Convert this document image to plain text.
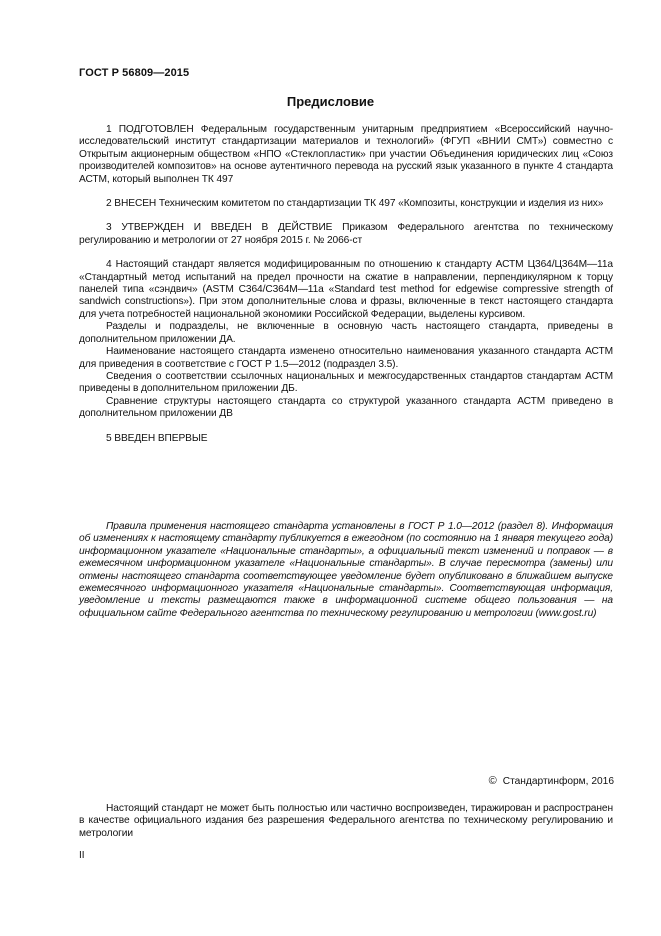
ГОСТ Р 56809—2015
Предисловие

1 ПОДГОТОВЛЕН Федеральным государственным унитарным предприятием «Всероссийский научно-исследовательский институт стандартизации материалов и технологий» (ФГУП «ВНИИ СМТ») совместно с Открытым акционерным обществом «НПО «Стеклопластик» при участии Объединения юридических лиц «Союз производителей композитов» на основе аутентичного перевода на русский язык указанного в пункте 4 стандарта АСТМ, который выполнен ТК 497

2 ВНЕСЕН Техническим комитетом по стандартизации ТК 497 «Композиты, конструкции и изделия из них»

3 УТВЕРЖДЕН И ВВЕДЕН В ДЕЙСТВИЕ Приказом Федерального агентства по техническому регулированию и метрологии от 27 ноября 2015 г. № 2066-ст

4 Настоящий стандарт является модифицированным по отношению к стандарту АСТМ Ц364/Ц364М—11а «Стандартный метод испытаний на предел прочности на сжатие в направлении, перпендикулярном к торцу панелей типа «сэндвич» (ASTM C364/C364M—11a «Standard test method for edgewise compressive strength of sandwich constructions»). При этом дополнительные слова и фразы, включенные в текст настоящего стандарта для учета потребностей национальной экономики Российской Федерации, выделены курсивом.

Разделы и подразделы, не включенные в основную часть настоящего стандарта, приведены в дополнительном приложении ДА.

Наименование настоящего стандарта изменено относительно наименования указанного стандарта АСТМ для приведения в соответствие с ГОСТ Р 1.5—2012 (подраздел 3.5).

Сведения о соответствии ссылочных национальных и межгосударственных стандартов стандартам АСТМ приведены в дополнительном приложении ДБ.

Сравнение структуры настоящего стандарта со структурой указанного стандарта АСТМ приведено в дополнительном приложении ДВ

5 ВВЕДЕН ВПЕРВЫЕ

Правила применения настоящего стандарта установлены в ГОСТ Р 1.0—2012 (раздел 8). Информация об изменениях к настоящему стандарту публикуется в ежегодном (по состоянию на 1 января текущего года) информационном указателе «Национальные стандарты», а официальный текст изменений и поправок — в ежемесячном информационном указателе «Национальные стандарты». В случае пересмотра (замены) или отмены настоящего стандарта соответствующее уведомление будет опубликовано в ближайшем выпуске ежемесячного информационного указателя «Национальные стандарты». Соответствующая информация, уведомление и тексты размещаются также в информационной системе общего пользования — на официальном сайте Федерального агентства по техническому регулированию и метрологии (www.gost.ru)

© Стандартинформ, 2016

Настоящий стандарт не может быть полностью или частично воспроизведен, тиражирован и распространен в качестве официального издания без разрешения Федерального агентства по техническому регулированию и метрологии

II
